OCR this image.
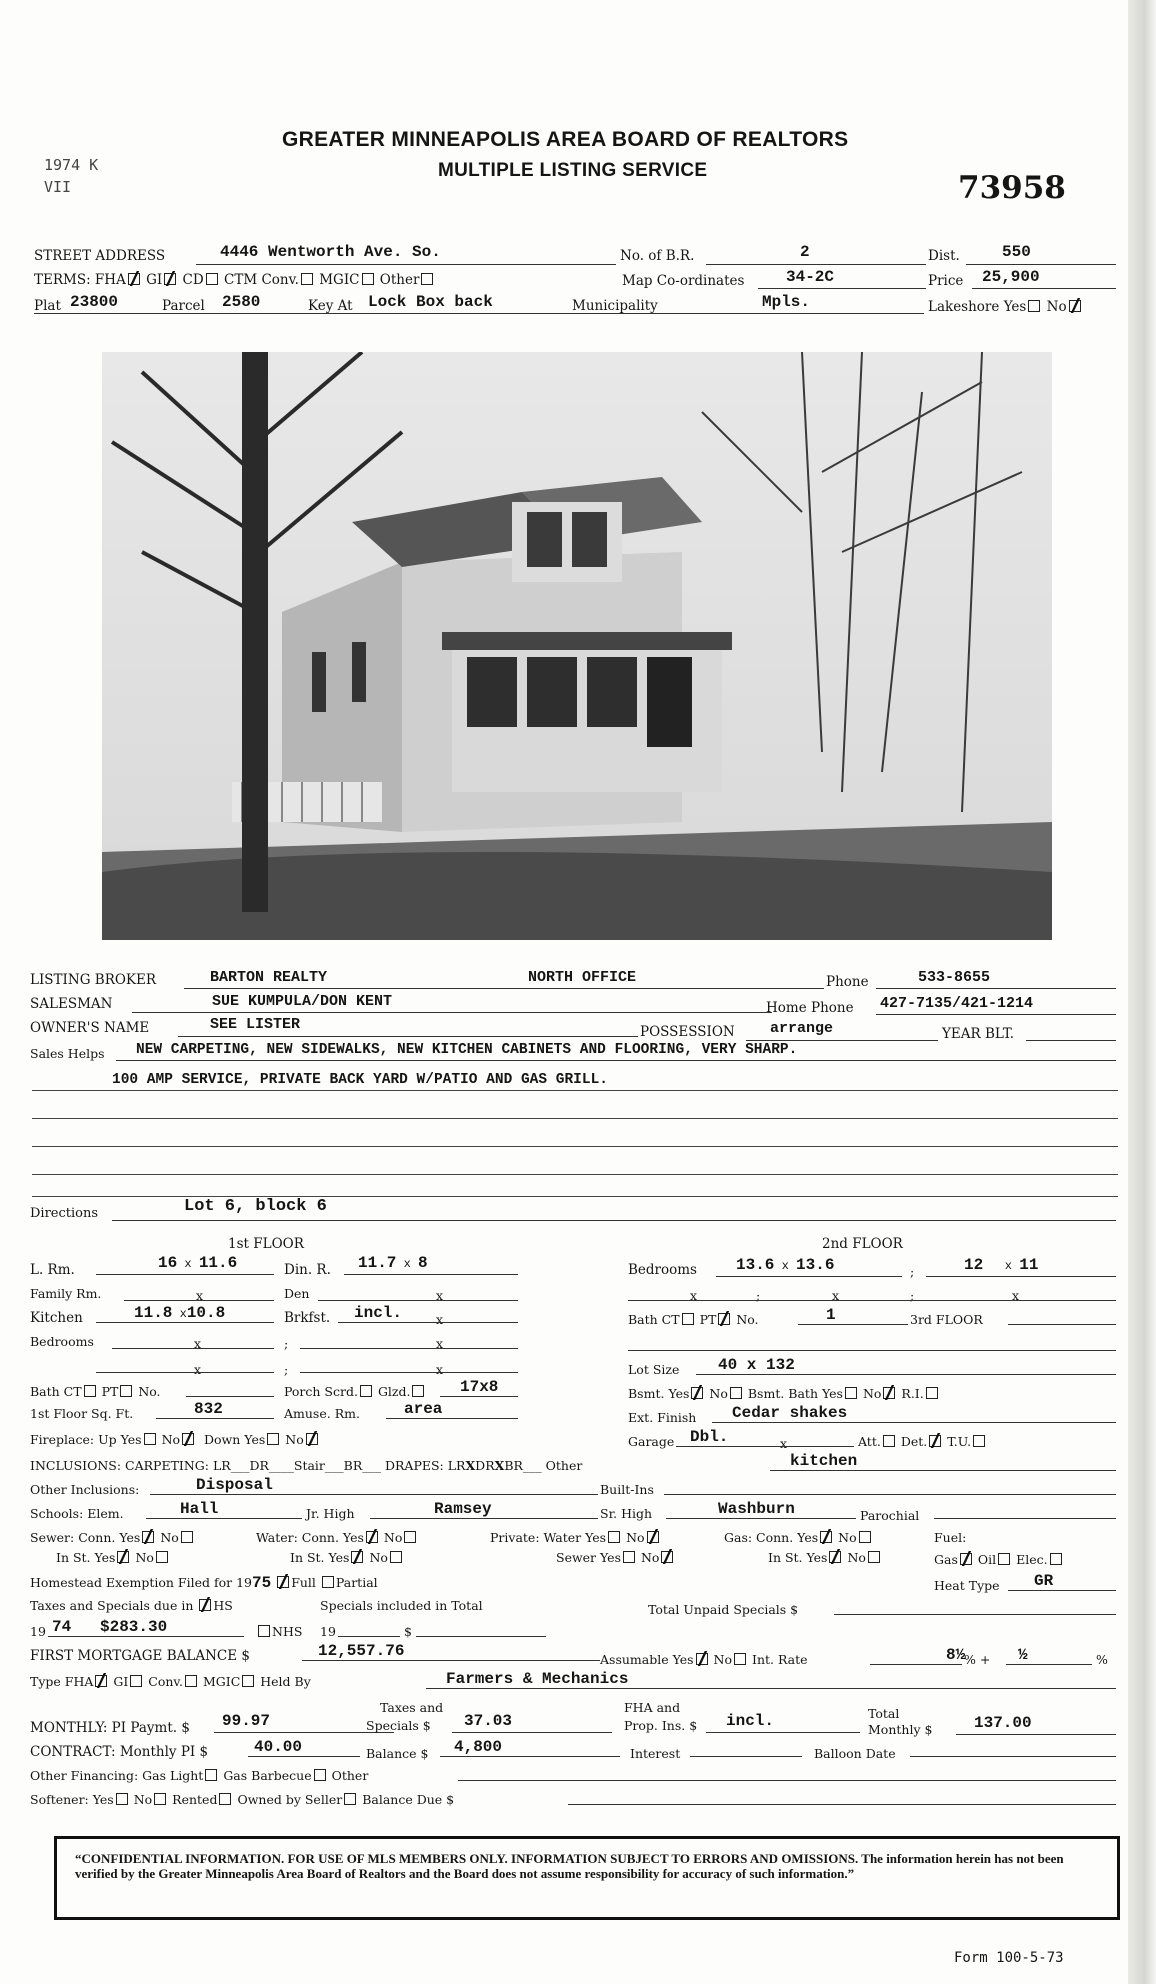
GREATER MINNEAPOLIS AREA BOARD OF REALTORS
MULTIPLE LISTING SERVICE
1974 K
VII	73958
STREET ADDRESS	4446 Wentworth Ave. So.	No. of B.R.	2	Dist.	550
TERMS: FHA GI CD CTM Conv. MGIC Other	Map Co-ordinates	34-2C	Price 25,900
Plat 23800	Parcel 2580	Key At Lock Box back	Municipality	Mpls.	Lakeshore Yes No
LISTING BROKER	BARTON REALTY	NORTH OFFICE	Phone	533-8655
SALESMAN	SUE KUMPULA/DON KENT	Home Phone 427-7135/421-1214
OWNER'S NAME	SEE LISTER	POSSESSION arrange	YEAR BLT.
Sales Helps NEW CARPETING, NEW SIDEWALKS, NEW KITCHEN CABINETS AND FLOORING, VERY SHARP.
100 AMP SERVICE, PRIVATE BACK YARD W/PATIO AND GAS GRILL.
Directions	Lot 6, block 6
1st FLOOR
L. Rm.	16 x 11.6	Din. R. 11.7 x 8
Family Rm.	x	Den	x
Kitchen	11.8 x10.8	Brkfst. incl.	x
Bedrooms	x	;	x
x	;	x
Bath CT PT No.	Porch Scrd. Glzd.	17x8
1st Floor Sq. Ft.	832	Amuse. Rm.	area
Fireplace: Up Yes No Down Yes No
2nd FLOOR
Bedrooms 13.6 x 13.6	;	12   x 11
x	;	x	;	x
Bath CT PT No.	1	3rd FLOOR
Lot Size 40 x 132
Bsmt. Yes No Bsmt. Bath Yes No R.I.
Ext. Finish Cedar shakes
Garage Dbl.	x	Att. Det. T.U.
INCLUSIONS: CARPETING: LR___DR____Stair___BR___ DRAPES: LRXDRXBR___ Other	kitchen
Other Inclusions:	Disposal	Built-Ins
Schools: Elem.	Hall	Jr. High	Ramsey	Sr. High	Washburn	Parochial
Sewer: Conn. Yes No
In St. Yes No
Water: Conn. Yes No
In St. Yes No
Private: Water Yes No
Sewer Yes No
Gas: Conn. Yes No
In St. Yes No
Fuel:
Gas Oil Elec.
Homestead Exemption Filed for 1975 Full Partial	Heat Type GR
Taxes and Specials due in HS	Specials included in Total	Total Unpaid Specials $
19 74 $283.30	NHS 19	$
FIRST MORTGAGE BALANCE $	12,557.76	Assumable Yes No Int. Rate	8½
% + ½	%
Type FHA GI Conv. MGIC Held By	Farmers & Mechanics
Taxes and	FHA and	Total
MONTHLY: PI Paymt. $ 99.97	Specials $ 37.03	Prop. Ins. $ incl.	Monthly $	137.00
CONTRACT: Monthly PI $	40.00	Balance $ 4,800	Interest	Balloon Date
Other Financing: Gas Light Gas Barbecue Other
Softener: Yes No Rented Owned by Seller Balance Due $
“CONFIDENTIAL INFORMATION. FOR USE OF MLS MEMBERS ONLY. INFORMATION SUBJECT TO ERRORS AND OMISSIONS. The information herein has not been verified by the Greater Minneapolis Area Board of Realtors and the Board does not assume responsibility for accuracy of such information.”
Form 100-5-73
